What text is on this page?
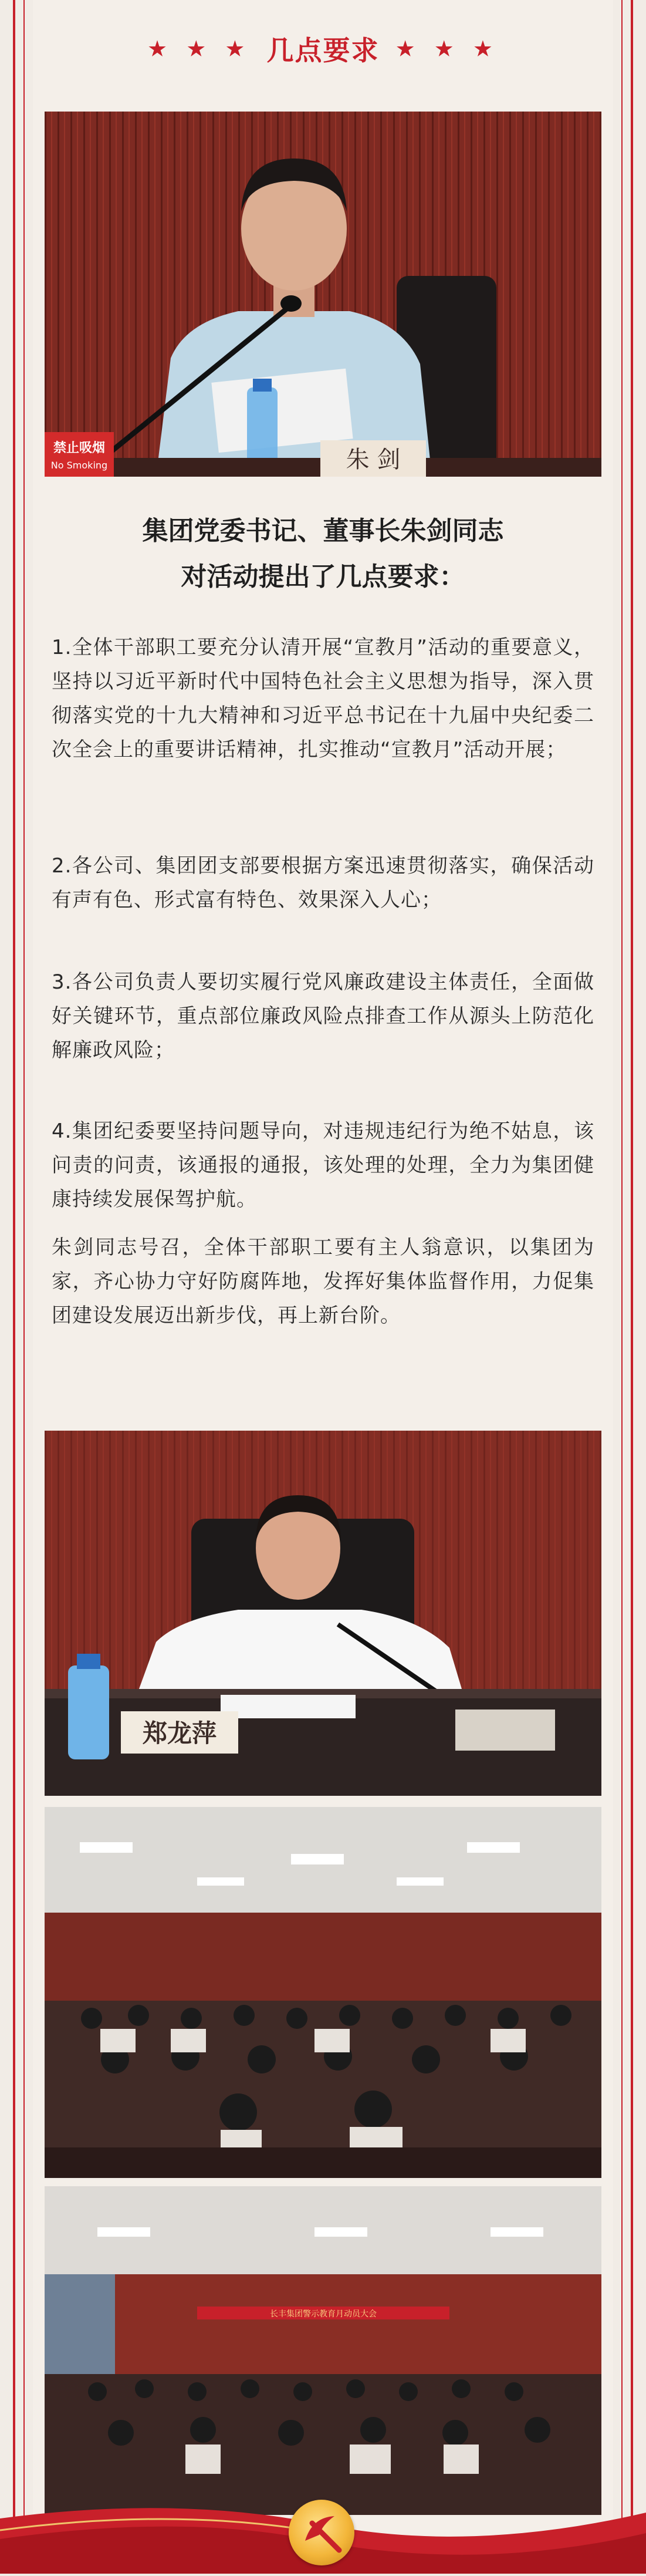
★ ★ ★ 几点要求 ★ ★ ★
朱 剑
禁止吸烟
No Smoking
集团党委书记、董事长朱剑同志
对活动提出了几点要求：
1.全体干部职工要充分认清开展“宣教月”活动的重要意义，坚持以习近平新时代中国特色社会主义思想为指导，深入贯彻落实党的十九大精神和习近平总书记在十九届中央纪委二次全会上的重要讲话精神，扎实推动“宣教月”活动开展；
2.各公司、集团团支部要根据方案迅速贯彻落实，确保活动有声有色、形式富有特色、效果深入人心；
3.各公司负责人要切实履行党风廉政建设主体责任，全面做好关键环节，重点部位廉政风险点排查工作从源头上防范化解廉政风险；
4.集团纪委要坚持问题导向，对违规违纪行为绝不姑息，该问责的问责，该通报的通报，该处理的处理，全力为集团健康持续发展保驾护航。
朱剑同志号召，全体干部职工要有主人翁意识，以集团为家，齐心协力守好防腐阵地，发挥好集体监督作用，力促集团建设发展迈出新步伐，再上新台阶。
郑龙萍
长丰集团警示教育月动员大会
